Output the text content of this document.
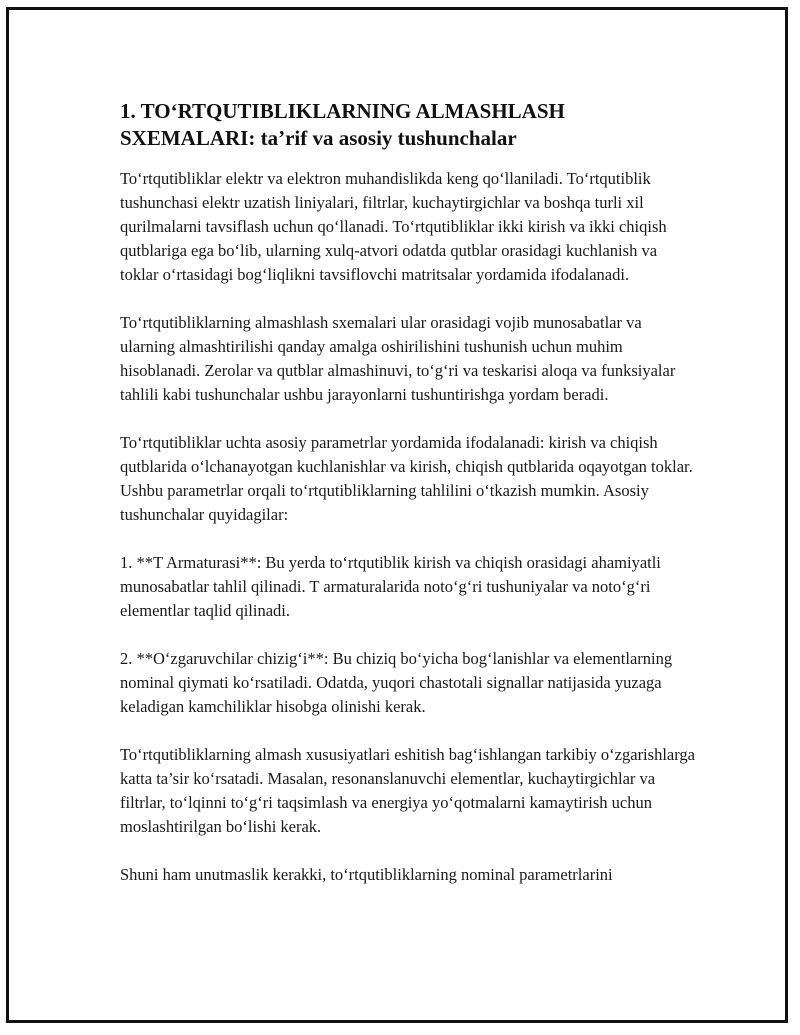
1. TO‘RTQUTIBLIKLARNING ALMASHLASH SXEMALARI: ta’rif va asosiy tushunchalar

To‘rtqutibliklar elektr va elektron muhandislikda keng qo‘llaniladi. To‘rtqutiblik tushunchasi elektr uzatish liniyalari, filtrlar, kuchaytirgichlar va boshqa turli xil qurilmalarni tavsiflash uchun qo‘llanadi. To‘rtqutibliklar ikki kirish va ikki chiqish qutblariga ega bo‘lib, ularning xulq-atvori odatda qutblar orasidagi kuchlanish va toklar o‘rtasidagi bog‘liqlikni tavsiflovchi matritsalar yordamida ifodalanadi.

To‘rtqutibliklarning almashlash sxemalari ular orasidagi vojib munosabatlar va ularning almashtirilishi qanday amalga oshirilishini tushunish uchun muhim hisoblanadi. Zerolar va qutblar almashinuvi, to‘g‘ri va teskarisi aloqa va funksiyalar tahlili kabi tushunchalar ushbu jarayonlarni tushuntirishga yordam beradi.

To‘rtqutibliklar uchta asosiy parametrlar yordamida ifodalanadi: kirish va chiqish qutblarida o‘lchanayotgan kuchlanishlar va kirish, chiqish qutblarida oqayotgan toklar. Ushbu parametrlar orqali to‘rtqutibliklarning tahlilini o‘tkazish mumkin. Asosiy tushunchalar quyidagilar:

1. **T Armaturasi**: Bu yerda to‘rtqutiblik kirish va chiqish orasidagi ahamiyatli munosabatlar tahlil qilinadi. T armaturalarida noto‘g‘ri tushuniyalar va noto‘g‘ri elementlar taqlid qilinadi.

2. **O‘zgaruvchilar chizig‘i**: Bu chiziq bo‘yicha bog‘lanishlar va elementlarning nominal qiymati ko‘rsatiladi. Odatda, yuqori chastotali signallar natijasida yuzaga keladigan kamchiliklar hisobga olinishi kerak.

To‘rtqutibliklarning almash xususiyatlari eshitish bag‘ishlangan tarkibiy o‘zgarishlarga katta ta’sir ko‘rsatadi. Masalan, resonanslanuvchi elementlar, kuchaytirgichlar va filtrlar, to‘lqinni to‘g‘ri taqsimlash va energiya yo‘qotmalarni kamaytirish uchun moslashtirilgan bo‘lishi kerak.

Shuni ham unutmaslik kerakki, to‘rtqutibliklarning nominal parametrlarini
